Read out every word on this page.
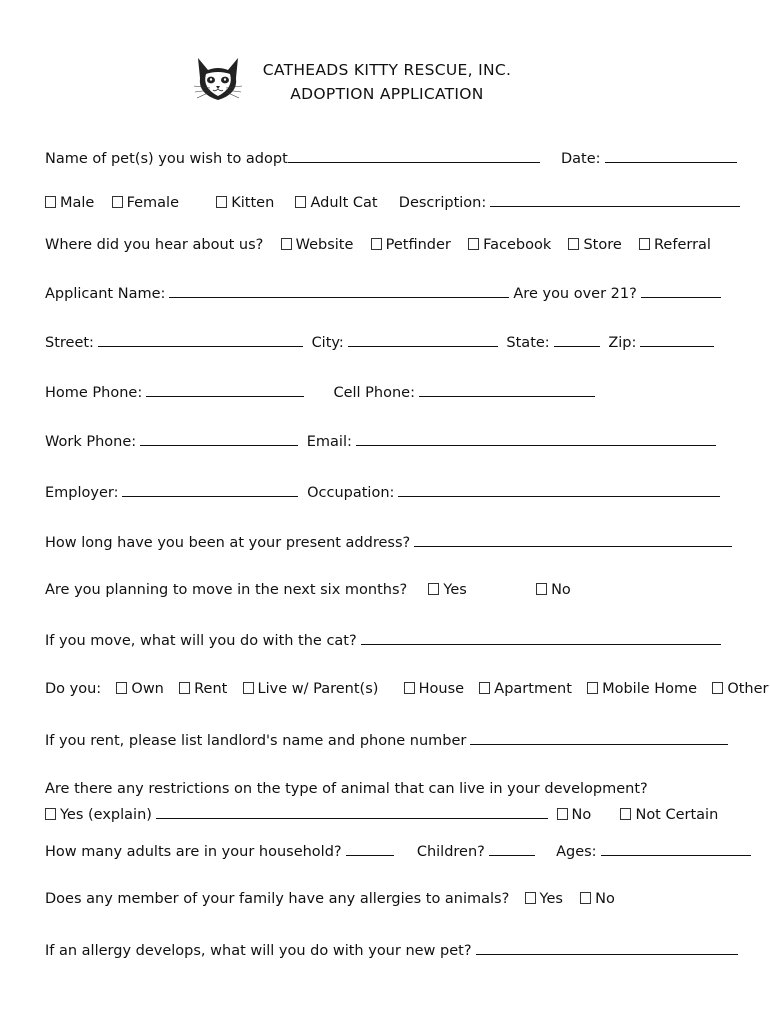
CATHEADS KITTY RESCUE, INC.
ADOPTION APPLICATION
Name of pet(s) you wish to adopt	Date:
Male Female	Kitten Adult Cat Description:
Where did you hear about us? Website Petfinder Facebook Store Referral
Applicant Name:	Are you over 21?
Street:	City:	State:	Zip:
Home Phone:	Cell Phone:
Work Phone:	Email:
Employer:	Occupation:
How long have you been at your present address?
Are you planning to move in the next six months? Yes	No
If you move, what will you do with the cat?
Do you: Own Rent Live w/ Parent(s)	House Apartment Mobile Home Other
If you rent, please list landlord's name and phone number
Are there any restrictions on the type of animal that can live in your development?
Yes (explain)	No	Not Certain
How many adults are in your household?	Children?	Ages:
Does any member of your family have any allergies to animals? Yes No
If an allergy develops, what will you do with your new pet?
